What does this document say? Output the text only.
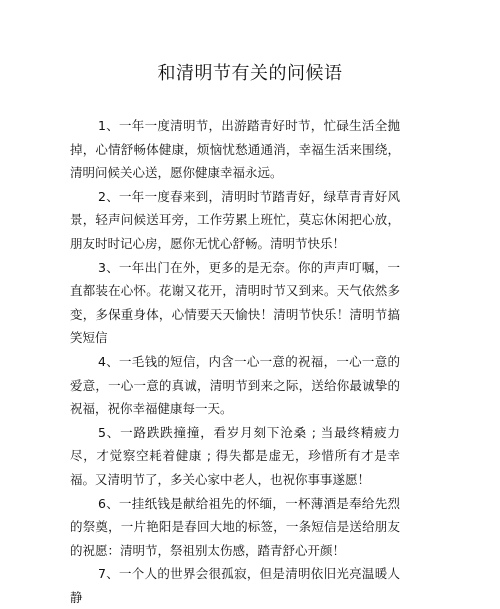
和清明节有关的问候语

1、一年一度清明节，出游踏青好时节，忙碌生活全抛掉，心情舒畅体健康，烦恼忧愁通通消，幸福生活来围绕，清明问候关心送，愿你健康幸福永远。

2、一年一度春来到，清明时节踏青好，绿草青青好风景，轻声问候送耳旁，工作劳累上班忙，莫忘休闲把心放，朋友时时记心房，愿你无忧心舒畅。清明节快乐！

3、一年出门在外，更多的是无奈。你的声声叮嘱，一直都装在心怀。花谢又花开，清明时节又到来。天气依然多变，多保重身体，心情要天天愉快！清明节快乐！清明节搞笑短信

4、一毛钱的短信，内含一心一意的祝福，一心一意的爱意，一心一意的真诚，清明节到来之际，送给你最诚挚的祝福，祝你幸福健康每一天。

5、一路跌跌撞撞，看岁月刻下沧桑 ; 当最终精疲力尽，才觉察空耗着健康 ; 得失都是虚无，珍惜所有才是幸福。又清明节了，多关心家中老人，也祝你事事遂愿！

6、一挂纸钱是献给祖先的怀缅，一杯薄酒是奉给先烈的祭奠，一片艳阳是春回大地的标签，一条短信是送给朋友的祝愿：清明节，祭祖别太伤感，踏青舒心开颜！

7、一个人的世界会很孤寂，但是清明依旧光亮温暖人静
